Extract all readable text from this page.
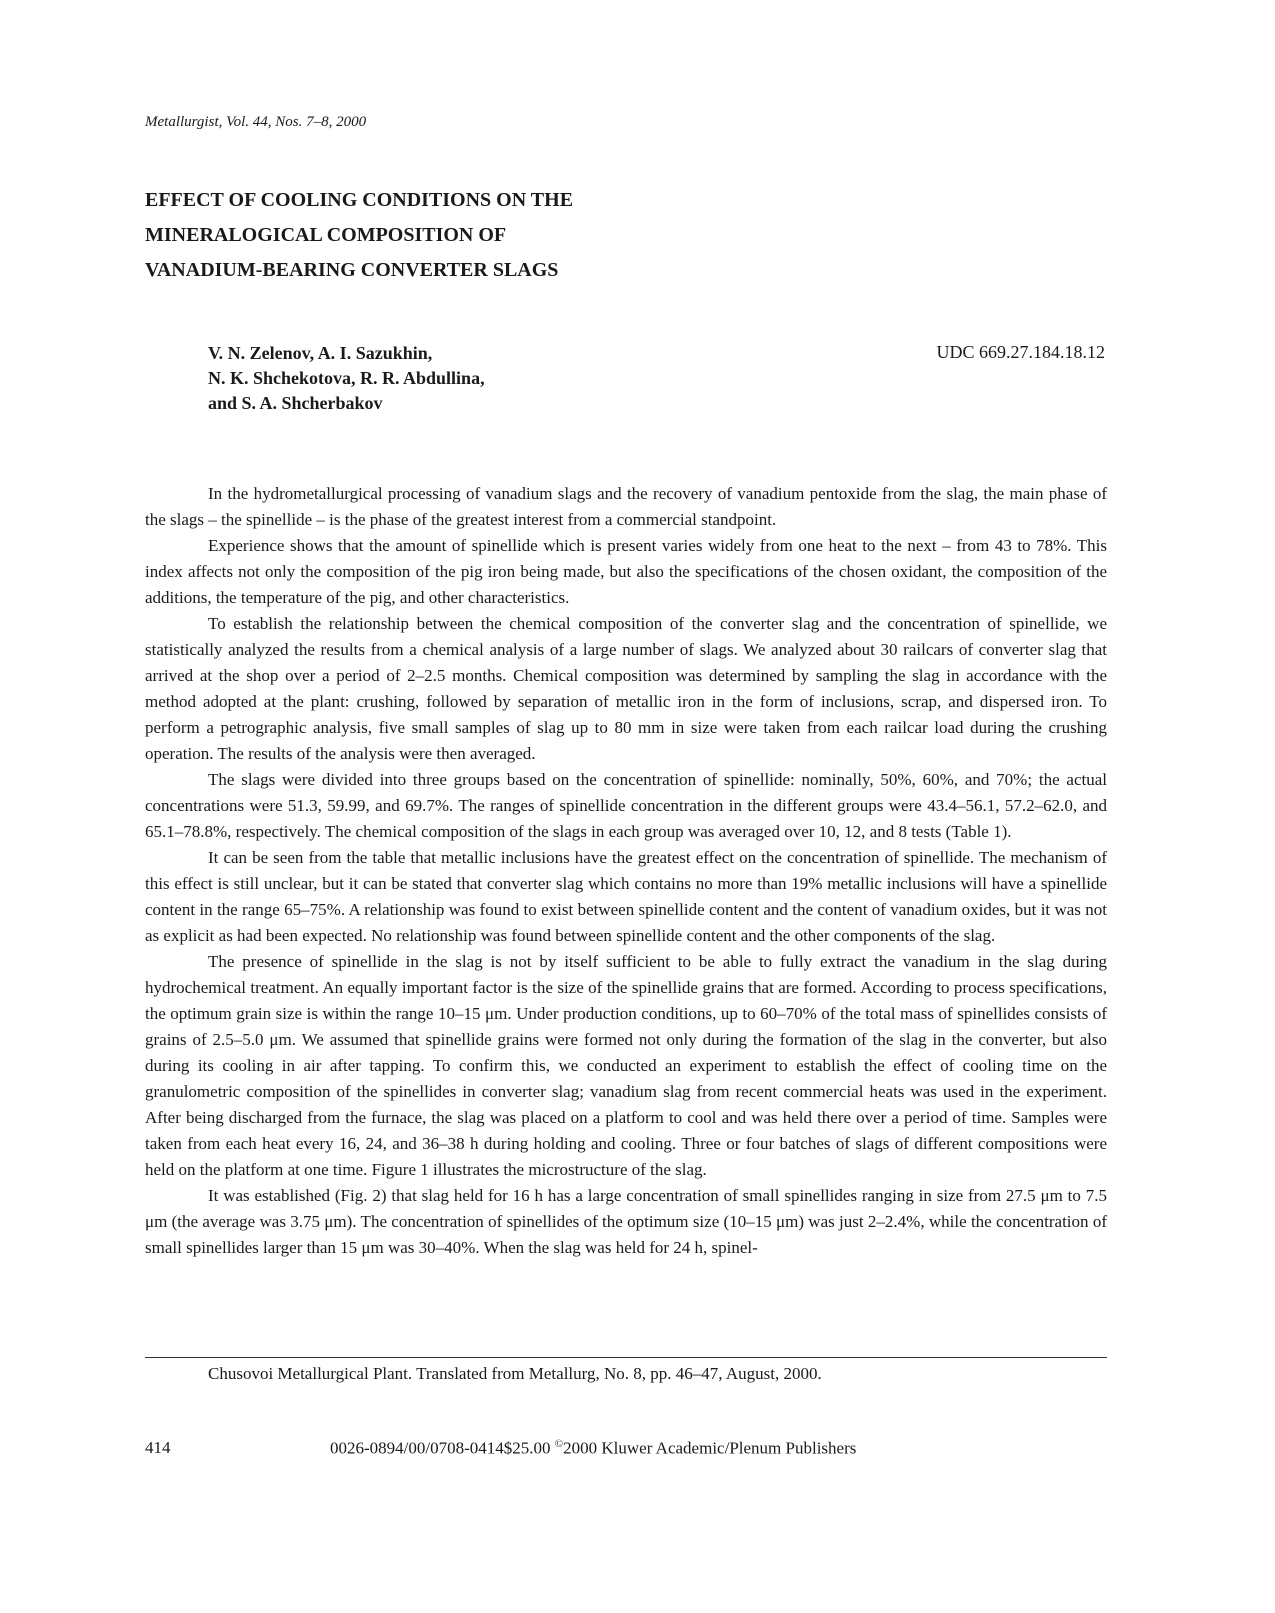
Metallurgist, Vol. 44, Nos. 7–8, 2000
EFFECT OF COOLING CONDITIONS ON THE
MINERALOGICAL COMPOSITION OF
VANADIUM-BEARING CONVERTER SLAGS
V. N. Zelenov, A. I. Sazukhin,
N. K. Shchekotova, R. R. Abdullina,
and S. A. Shcherbakov
UDC 669.27.184.18.12

In the hydrometallurgical processing of vanadium slags and the recovery of vanadium pentoxide from the slag, the main phase of the slags – the spinellide – is the phase of the greatest interest from a commercial standpoint.

Experience shows that the amount of spinellide which is present varies widely from one heat to the next – from 43 to 78%. This index affects not only the composition of the pig iron being made, but also the specifications of the chosen oxidant, the composition of the additions, the temperature of the pig, and other characteristics.

To establish the relationship between the chemical composition of the converter slag and the concentration of spinellide, we statistically analyzed the results from a chemical analysis of a large number of slags. We analyzed about 30 railcars of converter slag that arrived at the shop over a period of 2–2.5 months. Chemical composition was determined by sampling the slag in accordance with the method adopted at the plant: crushing, followed by separation of metallic iron in the form of inclusions, scrap, and dispersed iron. To perform a petrographic analysis, five small samples of slag up to 80 mm in size were taken from each railcar load during the crushing operation. The results of the analysis were then averaged.

The slags were divided into three groups based on the concentration of spinellide: nominally, 50%, 60%, and 70%; the actual concentrations were 51.3, 59.99, and 69.7%. The ranges of spinellide concentration in the different groups were 43.4–56.1, 57.2–62.0, and 65.1–78.8%, respectively. The chemical composition of the slags in each group was averaged over 10, 12, and 8 tests (Table 1).

It can be seen from the table that metallic inclusions have the greatest effect on the concentration of spinellide. The mechanism of this effect is still unclear, but it can be stated that converter slag which contains no more than 19% metallic inclusions will have a spinellide content in the range 65–75%. A relationship was found to exist between spinellide content and the content of vanadium oxides, but it was not as explicit as had been expected. No relationship was found between spinellide content and the other components of the slag.

The presence of spinellide in the slag is not by itself sufficient to be able to fully extract the vanadium in the slag during hydrochemical treatment. An equally important factor is the size of the spinellide grains that are formed. According to process specifications, the optimum grain size is within the range 10–15 μm. Under production conditions, up to 60–70% of the total mass of spinellides consists of grains of 2.5–5.0 μm. We assumed that spinellide grains were formed not only during the formation of the slag in the converter, but also during its cooling in air after tapping. To confirm this, we conducted an experiment to establish the effect of cooling time on the granulometric composition of the spinellides in converter slag; vanadium slag from recent commercial heats was used in the experiment. After being discharged from the furnace, the slag was placed on a platform to cool and was held there over a period of time. Samples were taken from each heat every 16, 24, and 36–38 h during holding and cooling. Three or four batches of slags of different compositions were held on the platform at one time. Figure 1 illustrates the microstructure of the slag.

It was established (Fig. 2) that slag held for 16 h has a large concentration of small spinellides ranging in size from 27.5 μm to 7.5 μm (the average was 3.75 μm). The concentration of spinellides of the optimum size (10–15 μm) was just 2–2.4%, while the concentration of small spinellides larger than 15 μm was 30–40%. When the slag was held for 24 h, spinel-

Chusovoi Metallurgical Plant. Translated from Metallurg, No. 8, pp. 46–47, August, 2000.
414	0026-0894/00/0708-0414$25.00 ©2000 Kluwer Academic/Plenum Publishers
